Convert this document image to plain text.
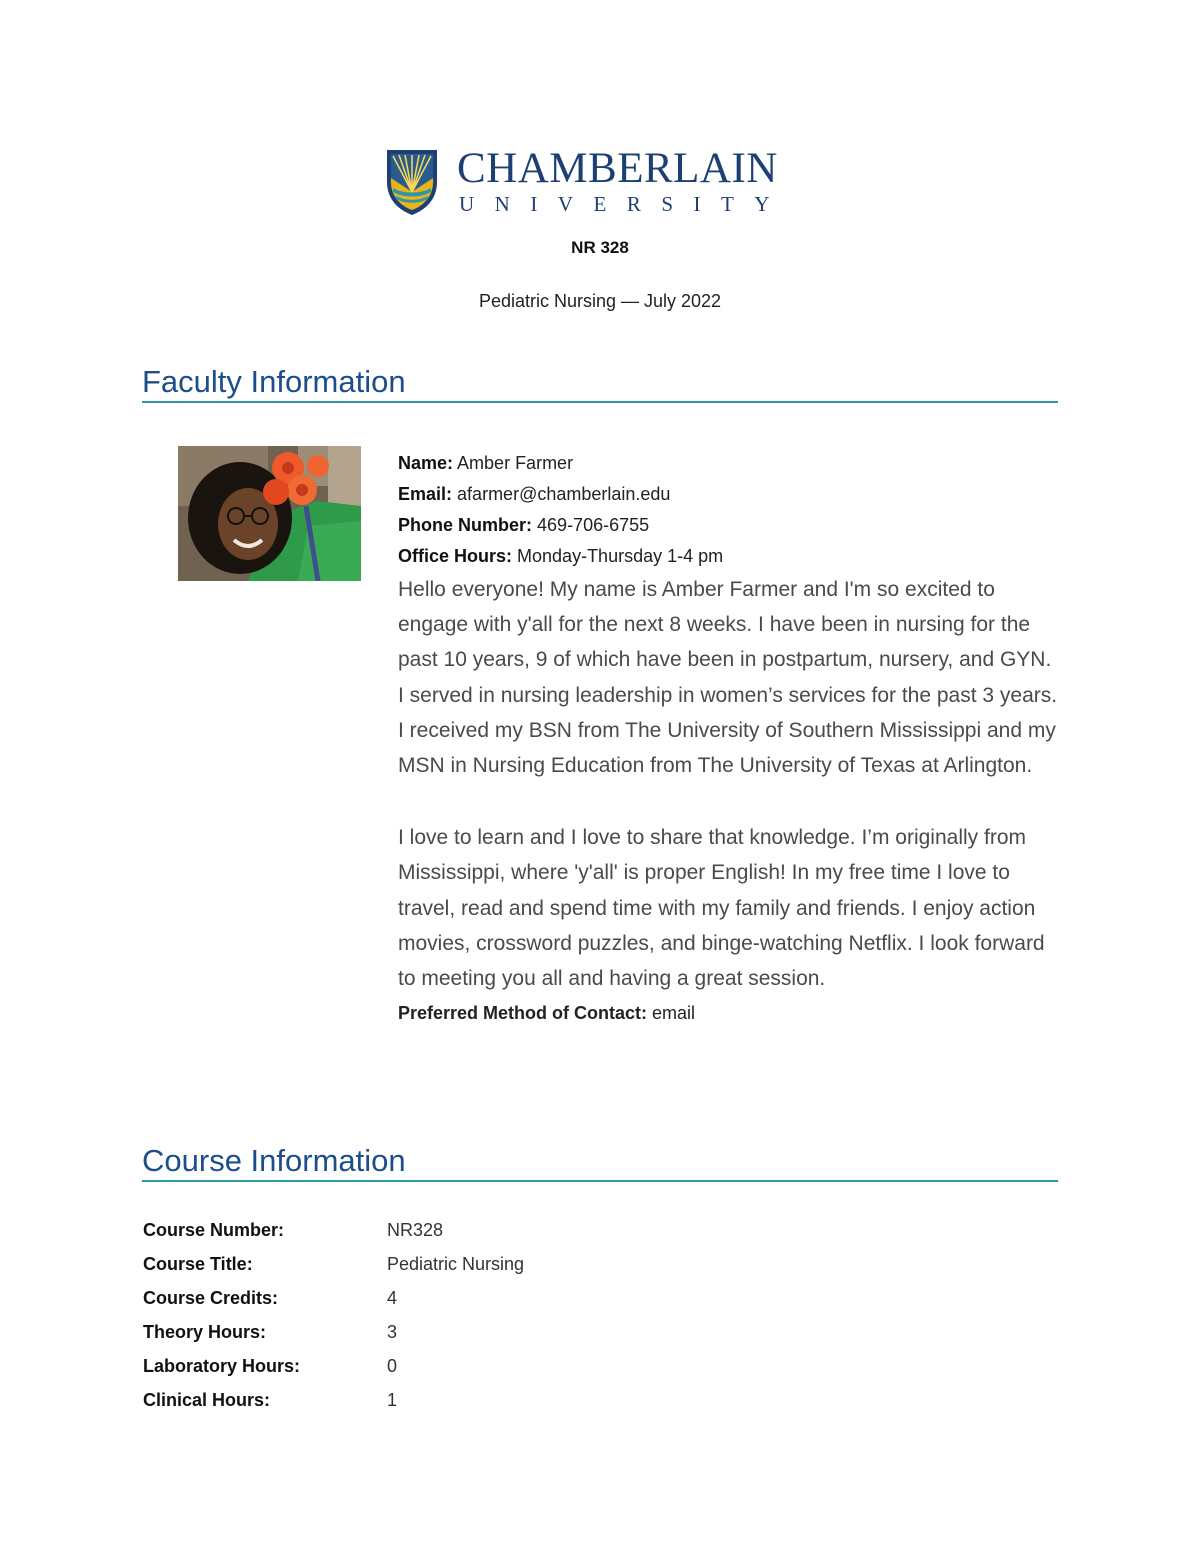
CHAMBERLAIN
UNIVERSITY
NR 328
Pediatric Nursing — July 2022
Faculty Information
Name: Amber Farmer
Email: afarmer@chamberlain.edu
Phone Number: 469-706-6755
Office Hours: Monday-Thursday 1-4 pm

Hello everyone! My name is Amber Farmer and I'm so excited to engage with y'all for the next 8 weeks. I have been in nursing for the past 10 years, 9 of which have been in postpartum, nursery, and GYN. I served in nursing leadership in women’s services for the past 3 years. I received my BSN from The University of Southern Mississippi and my MSN in Nursing Education from The University of Texas at Arlington.

I love to learn and I love to share that knowledge. I’m originally from Mississippi, where 'y'all' is proper English! In my free time I love to travel, read and spend time with my family and friends. I enjoy action movies, crossword puzzles, and binge-watching Netflix. I look forward to meeting you all and having a great session.

Preferred Method of Contact: email
Course Information
Course Number:	NR328
Course Title:	Pediatric Nursing
Course Credits:	4
Theory Hours:	3
Laboratory Hours:	0
Clinical Hours:	1
